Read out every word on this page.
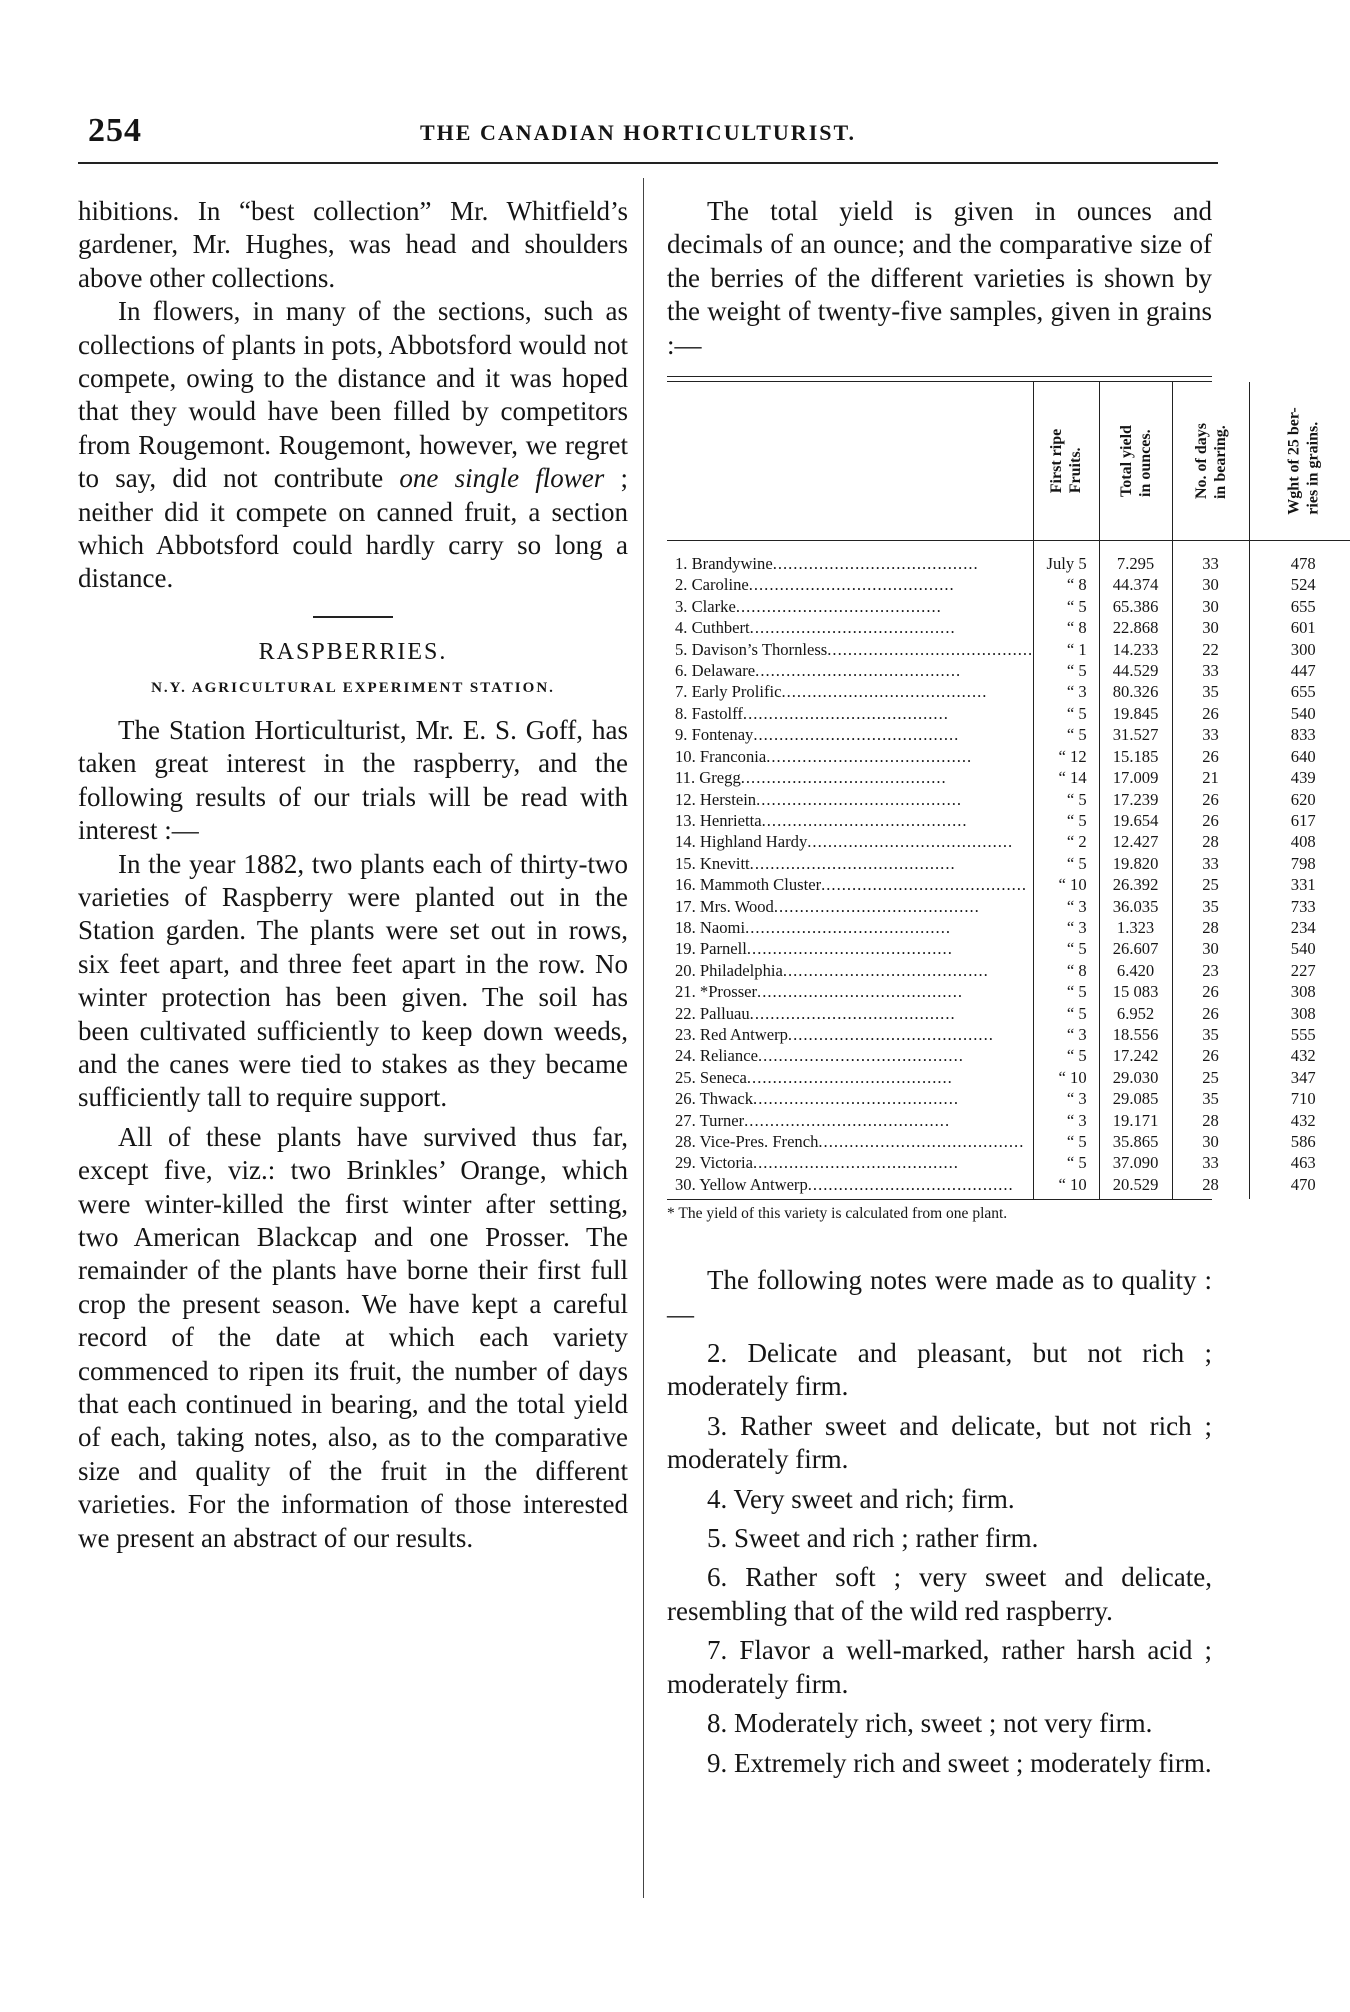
254	THE CANADIAN HORTICULTURIST.

hibitions. In “best collection” Mr. Whitfield’s gardener, Mr. Hughes, was head and shoulders above other collections.

In flowers, in many of the sections, such as collections of plants in pots, Abbotsford would not compete, owing to the distance and it was hoped that they would have been filled by competitors from Rougemont. Rougemont, however, we regret to say, did not contribute one single flower ; neither did it compete on canned fruit, a section which Abbotsford could hardly carry so long a distance.

RASPBERRIES.
N.Y. AGRICULTURAL EXPERIMENT STATION.

The Station Horticulturist, Mr. E. S. Goff, has taken great interest in the raspberry, and the following results of our trials will be read with interest :—

In the year 1882, two plants each of thirty-two varieties of Raspberry were planted out in the Station garden. The plants were set out in rows, six feet apart, and three feet apart in the row. No winter protection has been given. The soil has been cultivated sufficiently to keep down weeds, and the canes were tied to stakes as they became sufficiently tall to require support.

All of these plants have survived thus far, except five, viz.: two Brinkles’ Orange, which were winter-killed the first winter after setting, two American Blackcap and one Prosser. The remainder of the plants have borne their first full crop the present season. We have kept a careful record of the date at which each variety commenced to ripen its fruit, the number of days that each continued in bearing, and the total yield of each, taking notes, also, as to the comparative size and quality of the fruit in the different varieties. For the information of those interested we present an abstract of our results.

The total yield is given in ounces and decimals of an ounce; and the comparative size of the berries of the different varieties is shown by the weight of twenty-five samples, given in grains :—

	First ripe Fruits.	Total yield in ounces.	No. of days in bearing.	Wght of 25 ber- ries in grains.

1. Brandywine ........................................	July 5	7.295	33	478

2. Caroline ........................................	“ 8	44.374	30	524

3. Clarke ........................................	“ 5	65.386	30	655

4. Cuthbert ........................................	“ 8	22.868	30	601

5. Davison’s Thornless ........................................	“ 1	14.233	22	300

6. Delaware ........................................	“ 5	44.529	33	447

7. Early Prolific ........................................	“ 3	80.326	35	655

8. Fastolff ........................................	“ 5	19.845	26	540

9. Fontenay ........................................	“ 5	31.527	33	833

10. Franconia ........................................	“ 12	15.185	26	640

11. Gregg ........................................	“ 14	17.009	21	439

12. Herstein ........................................	“ 5	17.239	26	620

13. Henrietta ........................................	“ 5	19.654	26	617

14. Highland Hardy ........................................	“ 2	12.427	28	408

15. Knevitt ........................................	“ 5	19.820	33	798

16. Mammoth Cluster ........................................	“ 10	26.392	25	331

17. Mrs. Wood ........................................	“ 3	36.035	35	733

18. Naomi ........................................	“ 3	1.323	28	234

19. Parnell ........................................	“ 5	26.607	30	540

20. Philadelphia ........................................	“ 8	6.420	23	227

21. *Prosser ........................................	“ 5	15 083	26	308

22. Palluau ........................................	“ 5	6.952	26	308

23. Red Antwerp ........................................	“ 3	18.556	35	555

24. Reliance ........................................	“ 5	17.242	26	432

25. Seneca ........................................	“ 10	29.030	25	347

26. Thwack ........................................	“ 3	29.085	35	710

27. Turner ........................................	“ 3	19.171	28	432

28. Vice-Pres. French ........................................	“ 5	35.865	30	586

29. Victoria ........................................	“ 5	37.090	33	463

30. Yellow Antwerp ........................................	“ 10	20.529	28	470
* The yield of this variety is calculated from one plant.

The following notes were made as to quality :—

2. Delicate and pleasant, but not rich ; moderately firm.

3. Rather sweet and delicate, but not rich ; moderately firm.

4. Very sweet and rich; firm.

5. Sweet and rich ; rather firm.

6. Rather soft ; very sweet and delicate, resembling that of the wild red raspberry.

7. Flavor a well-marked, rather harsh acid ; moderately firm.

8. Moderately rich, sweet ; not very firm.

9. Extremely rich and sweet ; moderately firm.
